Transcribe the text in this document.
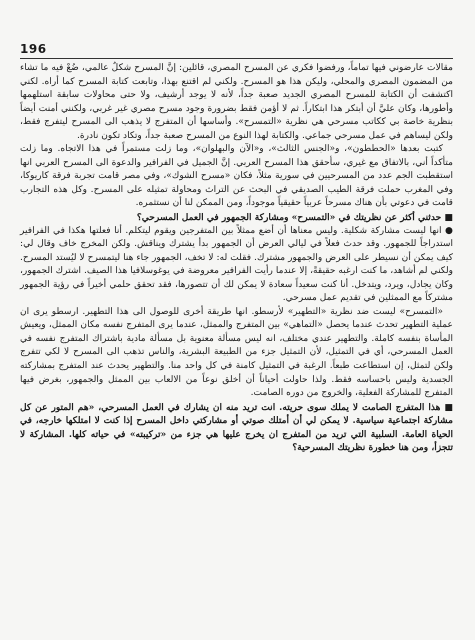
196

مقالات عارضوني فيها تماماً، ورفضوا فكري عن المسرح المصري، قائلين: إنَّ المسرح شكلٌ عالمي، ضُعْ فيه ما تشاء من المضمون المصري والمحلي، وليكن هذا هو المسرح. ولكني لم اقتنع بهذا، وتابعت كتابة المسرح كما أراه. لكني اكتشفت أن الكتابة للمسرح المصري الجديد صعبة جداً، لأنه لا يوجد أرشيف، ولا حتى محاولات سابقة استلهمها وأطورها، وكان عليَّ أن أبتكر هذا ابتكاراً. ثم لا أؤمن فقط بضرورة وجود مسرح مصري غير غربي، ولكنني أمنت أيضاً بنظرية خاصة بي ككاتب مسرحي هي نظرية «التمسرح». وأساسها أن المتفرج لا يذهب الى المسرح ليتفرج فقط، ولكن ليساهم في عمل مسرحي جماعي. والكتابة لهذا النوع من المسرح صعبة جداً، وتكاد تكون نادرة.

كتبت بعدها «الحططون»، و«الجنس الثالث»، و«الآن والبهلوان»، وما زلت مستمراً في هذا الاتجاه. وما زلت متأكداً أني، بالاتفاق مع غيري، سأحقق هذا المسرح العربي. إنَّ الجميل في الفرافير والدعوة الى المسرح العربي انها استقطبت الجم عدد من المسرحيين في سورية مثلاً، فكان «مسرح الشوك»، وفي مصر قامت تجربة فرقة كاريوكا، وفي المغرب حملت فرقة الطيب الصديقي في البحث عن التراث ومحاولة تمثيله على المسرح. وكل هذه التجارب قامت في دعوتي بأن هناك مسرحاً عربياً حقيقياً موجوداً، ومن الممكن لنا أن نستثمره.

■ حدثني أكثر عن نظريتك في «التمسرح» ومشاركة الجمهور في العمل المسرحي؟

● انها ليست مشاركة شكلية. وليس معناها أن أضع ممثلاً بين المتفرجين ويقوم ليتكلم. أنا فعلتها هكذا في الفرافير استدراجاً للجمهور. وقد حدث فعلاً في ليالي العرض أن الجمهور بدأ يشترك ويناقش. ولكن المخرج خاف وقال لي: كيف يمكن أن نسيطر على العرض والجمهور مشترك. فقلت له: لا تخف، الجمهور جاء هنا ليتمسرح لا ليُستد المسرح. ولكني لم أشاهد، ما كنت ارغبه حقيقةً، إلا عندما رأيت الفرافير معروضة في يوغوسلافيا هذا الصيف. اشترك الجمهور، وكان يجادل، ويرد، ويتدخل. أنا كنت سعيداً سعادة لا يمكن لك أن تتصورها، فقد تحقق حلمي أخيراً في رؤية الجمهور مشتركاً مع الممثلين في تقديم عمل مسرحي.

«التمسرح» ليست ضد نظرية «التطهير» لأرسطو. انها طريقة أخرى للوصول الى هذا التطهير. ارسطو يرى ان عملية التطهير تحدث عندما يحصل «التماهي» بين المتفرج والممثل، عندما يرى المتفرج نفسه مكان الممثل، ويعيش المأساة بنفسه كاملة. والتطهير عندي مختلف، انه ليس مسألة معنوية بل مسألة مادية باشتراك المتفرج نفسه في العمل المسرحي، أي في التمثيل، لأن التمثيل جزء من الطبيعة البشرية، والناس تذهب الى المسرح لا لكي تتفرج ولكن لتمثل، إن استطاعت طبعاً. الرغبة في التمثيل كامنة في كل واحد منا. والتطهير يحدث عند المتفرج بمشاركته الجسدية وليس باحساسه فقط. ولذا حاولت أحياناً أن أخلق نوعاً من الالعاب بين الممثل والجمهور، بغرض فيها المتفرج للمشاركة الفعلية، والخروج من دوره الصامت.

■ هذا المتفرج الصامت لا يملك سوى حريته. انت تريد منه ان يشارك في العمل المسرحي، «هم المتور عن كل مشاركة اجتماعية سياسية. لا يمكن لي أن أمتلك صوتي أو مشاركتي داخل المسرح إذا كنت لا امتلكها خارجه، في الحياة العامة. السلبية التي تريد من المتفرج ان يخرج عليها هي جزء من «تركيبته» في حياته كلها. المشاركة لا تتجزأ، ومن هنا خطورة نظريتك المسرحية؟
